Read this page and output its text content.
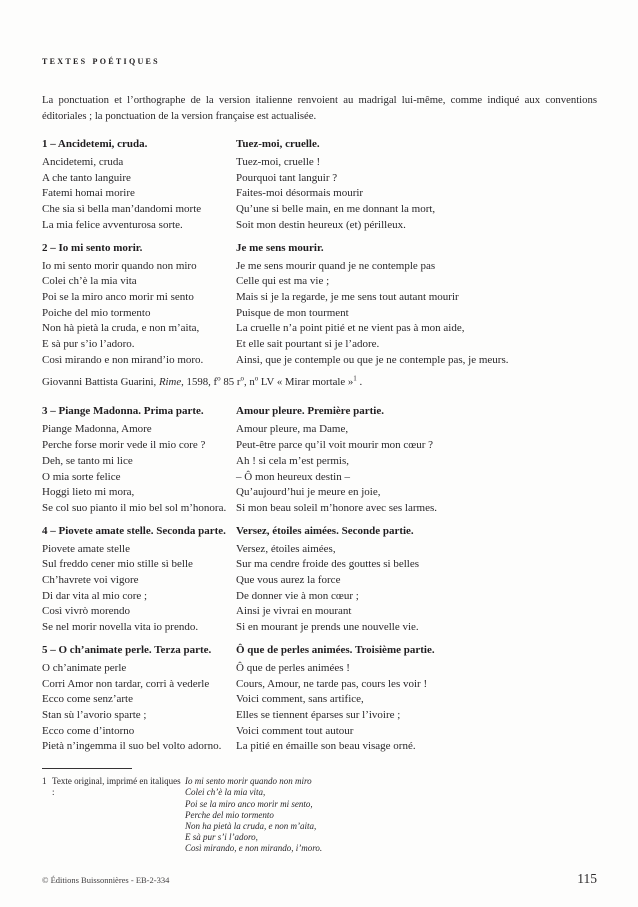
textes poétiques

La ponctuation et l’orthographe de la version italienne renvoient au madrigal lui-même, comme indiqué aux conventions éditoriales ; la ponctuation de la version française est actualisée.

1 – Ancidetemi, cruda.
Ancidetemi, cruda
A che tanto languire
Fatemi homai morire
Che sia sì bella man’dandomi morte
La mia felice avventurosa sorte.
Tuez-moi, cruelle.
Tuez-moi, cruelle !
Pourquoi tant languir ?
Faites-moi désormais mourir
Qu’une si belle main, en me donnant la mort,
Soit mon destin heureux (et) périlleux.
2 – Io mi sento morir.
Io mi sento morir quando non miro
Colei ch’è la mia vita
Poi se la miro anco morir mi sento
Poiche del mio tormento
Non hà pietà la cruda, e non m’aita,
E sà pur s’io l’adoro.
Così mirando e non mirand’io moro.
Je me sens mourir.
Je me sens mourir quand je ne contemple pas
Celle qui est ma vie ;
Mais si je la regarde, je me sens tout autant mourir
Puisque de mon tourment
La cruelle n’a point pitié et ne vient pas à mon aide,
Et elle sait pourtant si je l’adore.
Ainsi, que je contemple ou que je ne contemple pas, je meurs.

Giovanni Battista Guarini, Rime, 1598, $f^o$ 85 $r^o$, $n^o$ LV « Mirar mortale »$^1$ .

3 – Piange Madonna. Prima parte.
Piange Madonna, Amore
Perche forse morir vede il mio core ?
Deh, se tanto mi lice
O mia sorte felice
Hoggi lieto mi mora,
Se col suo pianto il mio bel sol m’honora.
Amour pleure. Première partie.
Amour pleure, ma Dame,
Peut-être parce qu’il voit mourir mon cœur ?
Ah ! si cela m’est permis,
– Ô mon heureux destin –
Qu’aujourd’hui je meure en joie,
Si mon beau soleil m’honore avec ses larmes.
4 – Piovete amate stelle. Seconda parte.
Piovete amate stelle
Sul freddo cener mio stille sì belle
Ch’havrete voi vigore
Di dar vita al mio core ;
Così vivrò morendo
Se nel morir novella vita io prendo.
Versez, étoiles aimées. Seconde partie.
Versez, étoiles aimées,
Sur ma cendre froide des gouttes si belles
Que vous aurez la force
De donner vie à mon cœur ;
Ainsi je vivrai en mourant
Si en mourant je prends une nouvelle vie.
5 – O ch’animate perle. Terza parte.
O ch’animate perle
Corri Amor non tardar, corri à vederle
Ecco come senz’arte
Stan sù l’avorio sparte ;
Ecco come d’intorno
Pietà n’ingemma il suo bel volto adorno.
Ô que de perles animées. Troisième partie.
Ô que de perles animées !
Cours, Amour, ne tarde pas, cours les voir !
Voici comment, sans artifice,
Elles se tiennent éparses sur l’ivoire ;
Voici comment tout autour
La pitié en émaille son beau visage orné.
1 Texte original, imprimé en italiques :
Io mi sento morir quando non miro
Colei ch’è la mia vita,
Poi se la miro anco morir mi sento,
Perche del mio tormento
Non ha pietà la cruda, e non m’aita,
E sà pur s’i l’adoro,
Così mirando, e non mirando, i’moro.
© Éditions Buissonnières - EB-2-334	115
